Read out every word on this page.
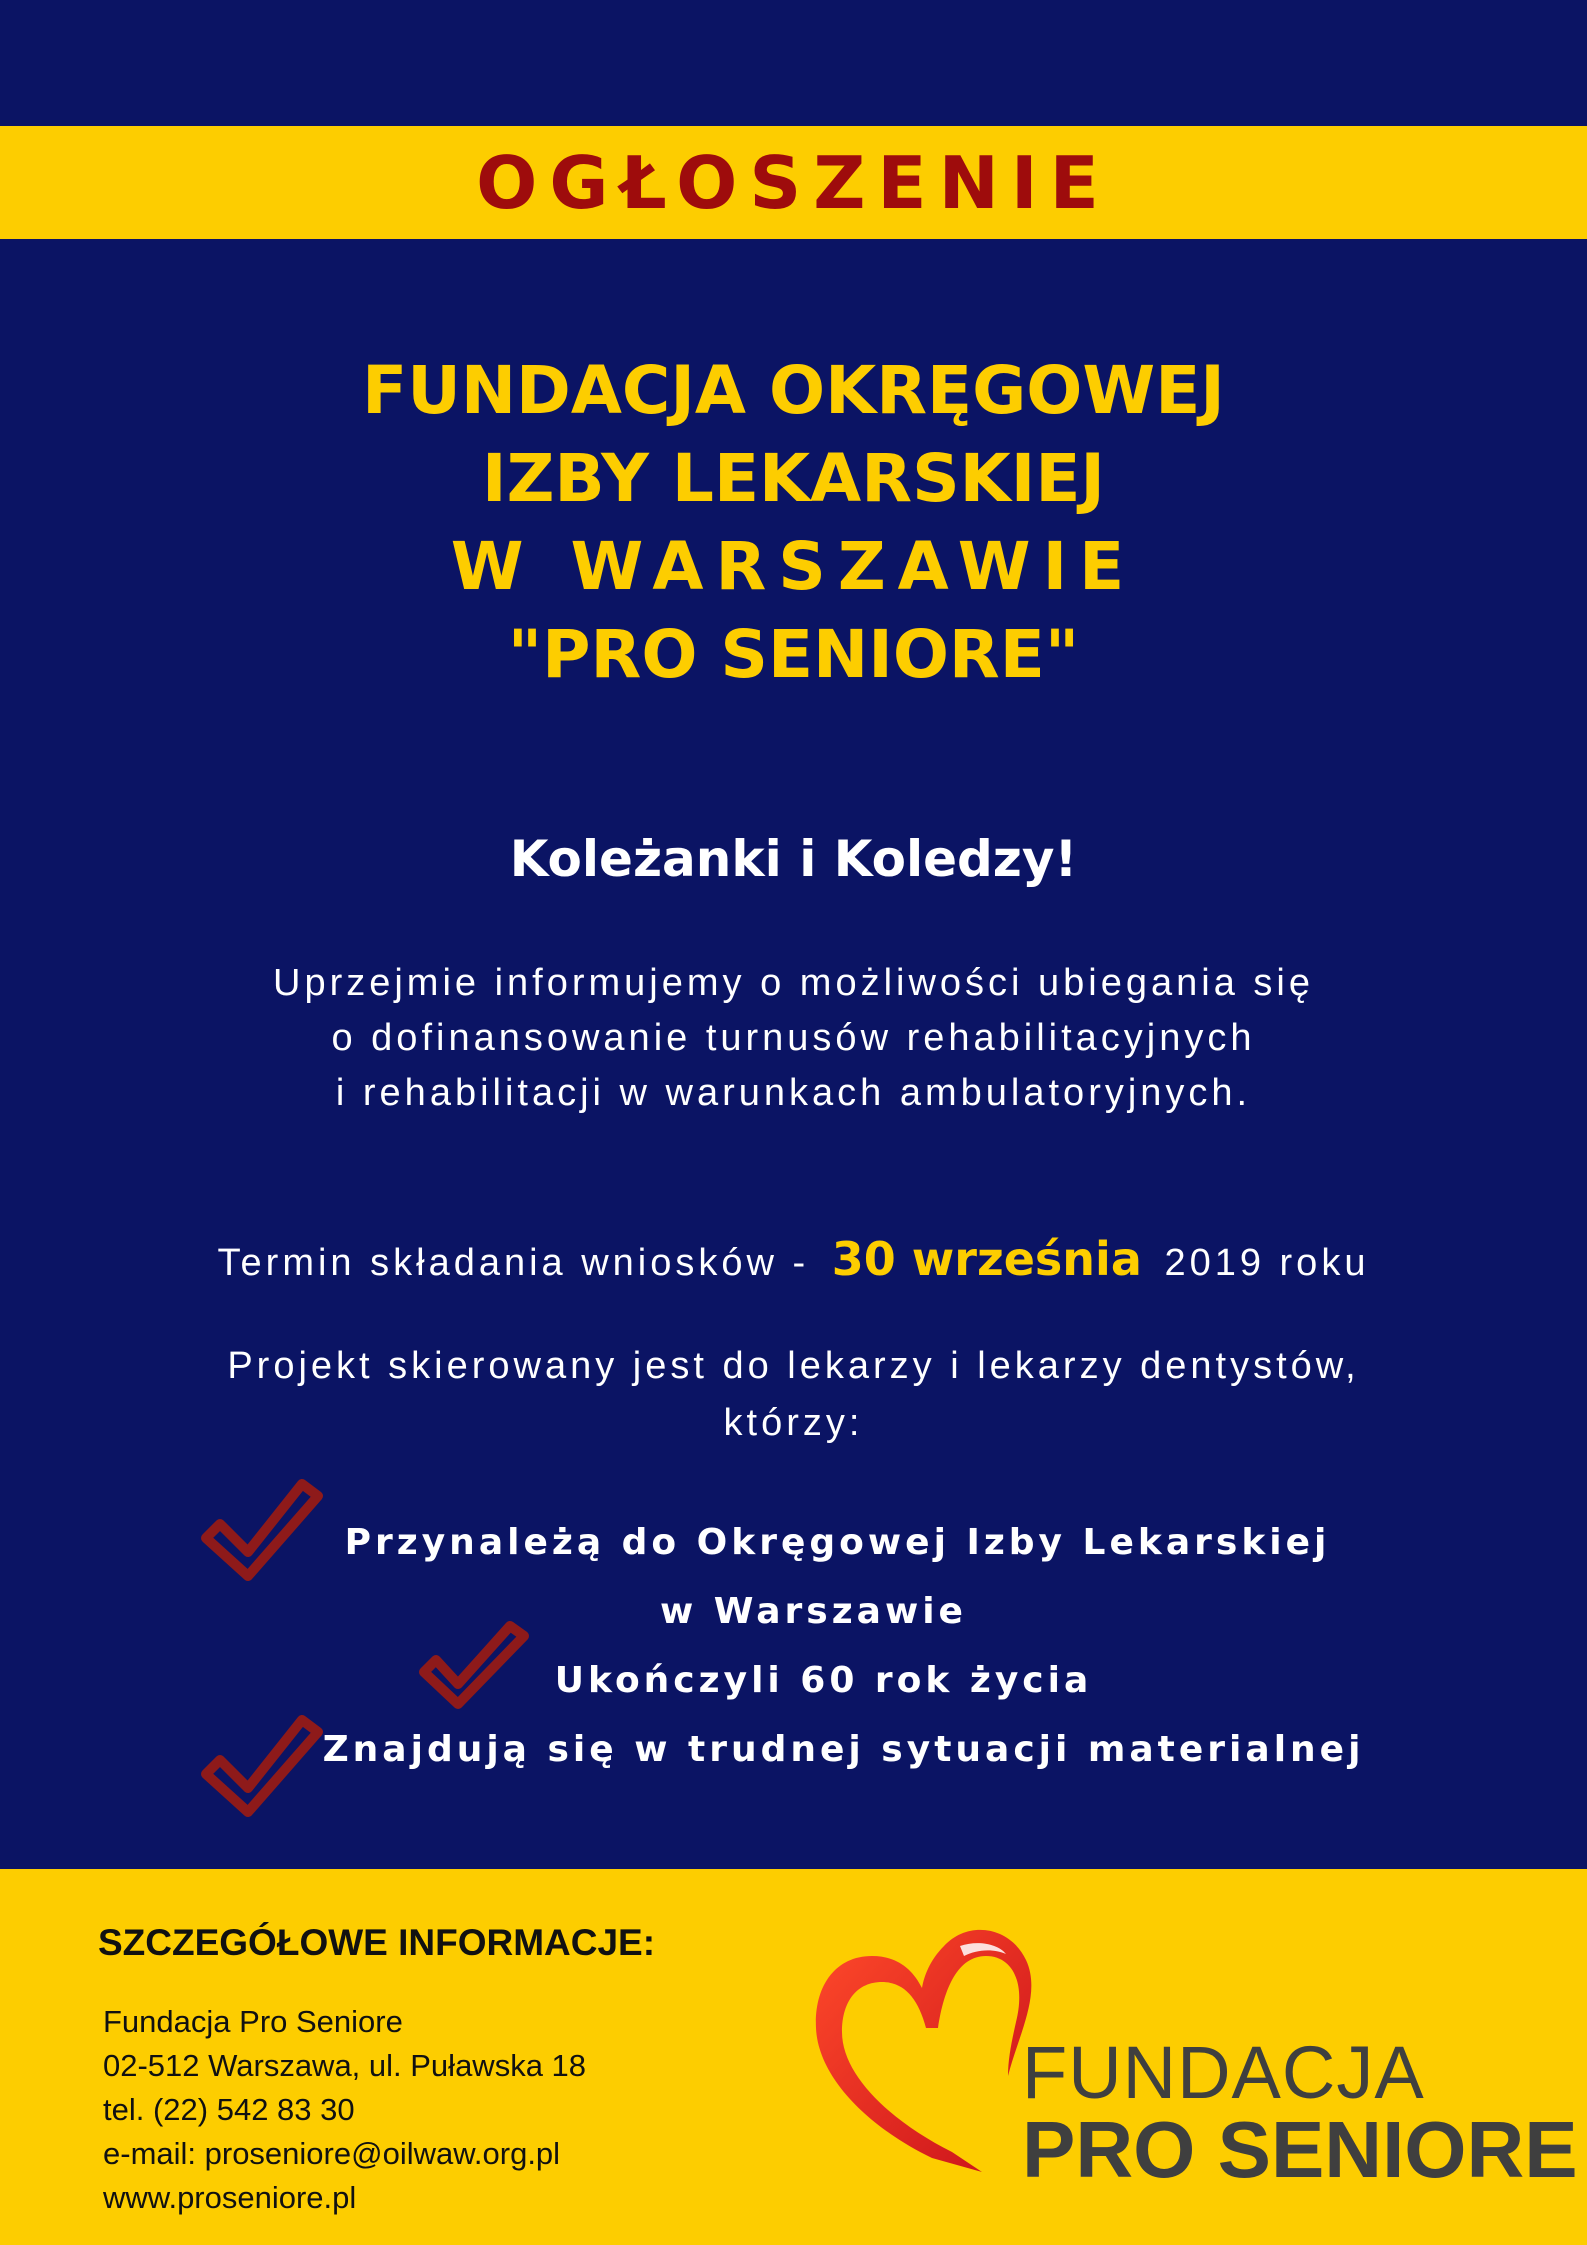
OGŁOSZENIE
FUNDACJA OKRĘGOWEJ
IZBY LEKARSKIEJ
W WARSZAWIE
"PRO SENIORE"
Koleżanki i Koledzy!
Uprzejmie informujemy o możliwości ubiegania się
o dofinansowanie turnusów rehabilitacyjnych
i rehabilitacji w warunkach ambulatoryjnych.
Termin składania wniosków - 30 września 2019 roku
Projekt skierowany jest do lekarzy i lekarzy dentystów,
którzy:
Przynależą do Okręgowej Izby Lekarskiej
w Warszawie
Ukończyli 60 rok życia
Znajdują się w trudnej sytuacji materialnej
SZCZEGÓŁOWE INFORMACJE:
Fundacja Pro Seniore
02-512 Warszawa, ul. Puławska 18
tel. (22) 542 83 30
e-mail: proseniore@oilwaw.org.pl
www.proseniore.pl
FUNDACJA
PRO SENIORE
